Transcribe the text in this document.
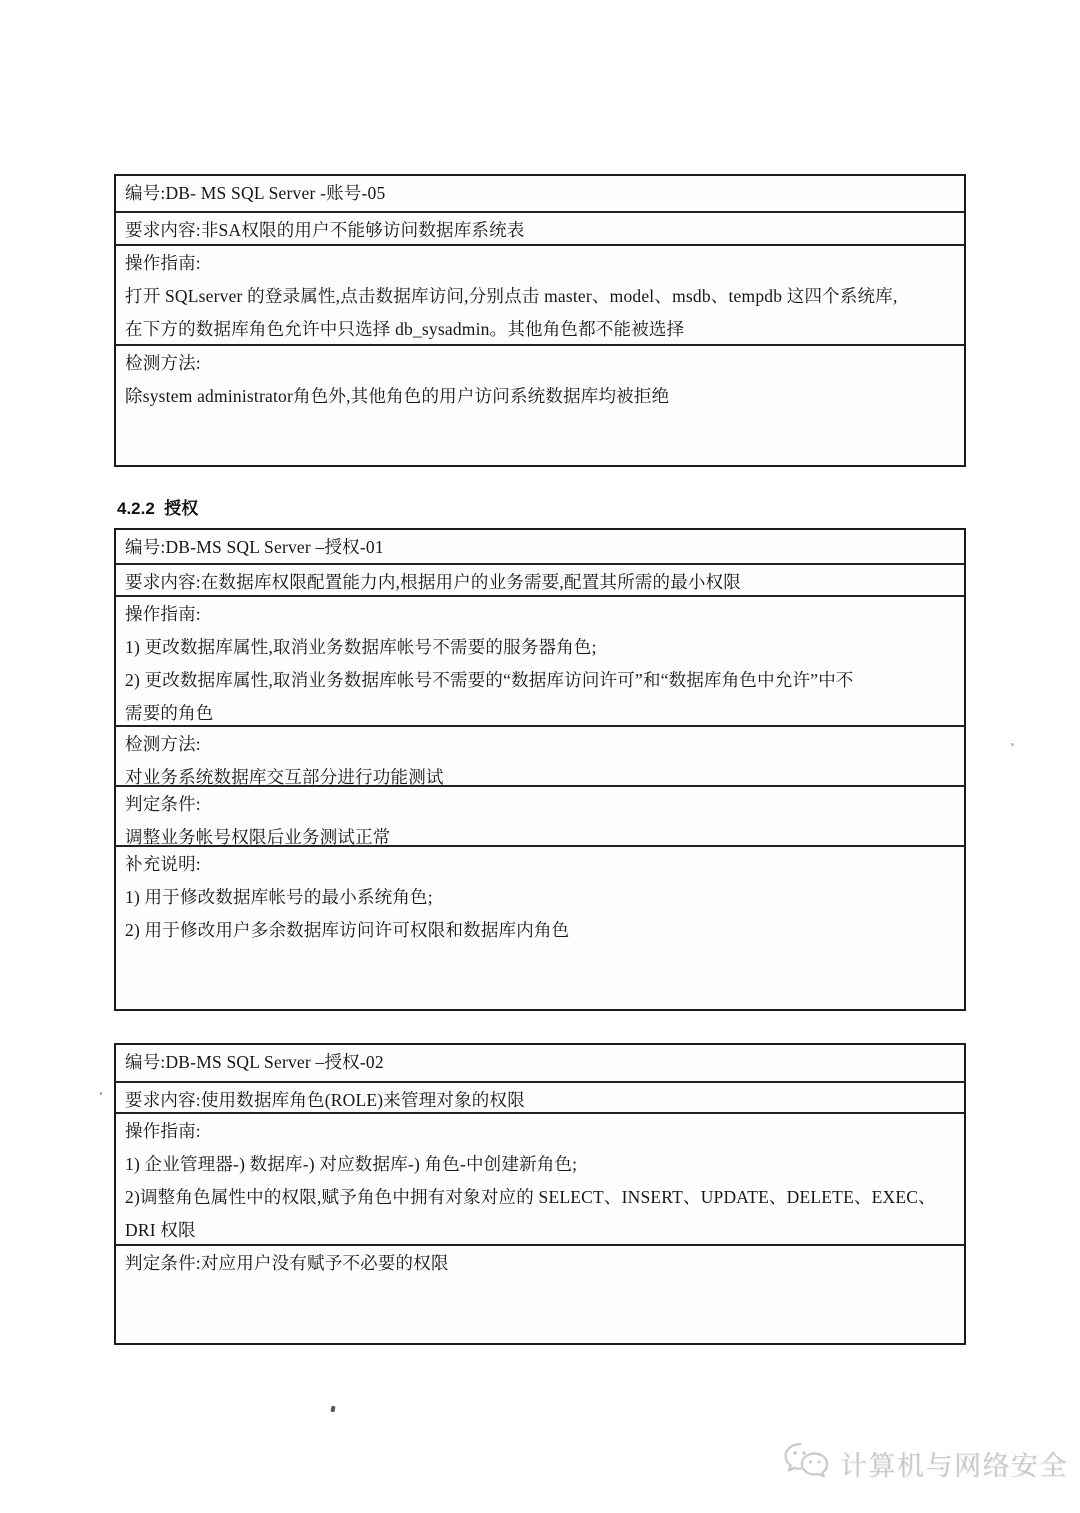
编号:DB- MS SQL Server -账号-05
要求内容:非SA权限的用户不能够访问数据库系统表
操作指南:
打开 SQLserver 的登录属性,点击数据库访问,分别点击 master、model、msdb、tempdb 这四个系统库,
在下方的数据库角色允许中只选择 db_sysadmin。其他角色都不能被选择
检测方法:
除system administrator角色外,其他角色的用户访问系统数据库均被拒绝
4.2.2  授权
编号:DB-MS SQL Server –授权-01
要求内容:在数据库权限配置能力内,根据用户的业务需要,配置其所需的最小权限
操作指南:
1) 更改数据库属性,取消业务数据库帐号不需要的服务器角色;
2) 更改数据库属性,取消业务数据库帐号不需要的“数据库访问许可”和“数据库角色中允许”中不
需要的角色
检测方法:
对业务系统数据库交互部分进行功能测试
判定条件:
调整业务帐号权限后业务测试正常
补充说明:
1) 用于修改数据库帐号的最小系统角色;
2) 用于修改用户多余数据库访问许可权限和数据库内角色
编号:DB-MS SQL Server –授权-02
要求内容:使用数据库角色(ROLE)来管理对象的权限
操作指南:
1) 企业管理器-) 数据库-) 对应数据库-) 角色-中创建新角色;
2)调整角色属性中的权限,赋予角色中拥有对象对应的 SELECT、INSERT、UPDATE、DELETE、EXEC、
DRI 权限
判定条件:对应用户没有赋予不必要的权限
计算机与网络安全
